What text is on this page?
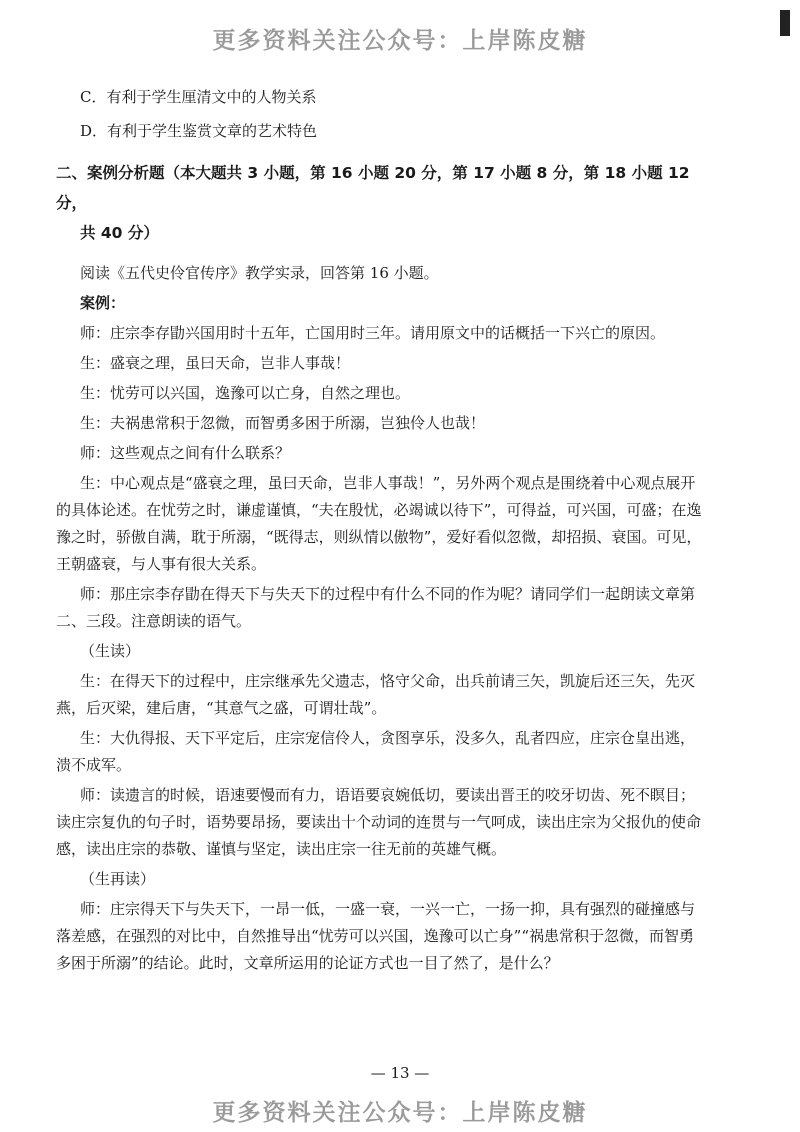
更多资料关注公众号：上岸陈皮糖

C．有利于学生厘清文中的人物关系

D．有利于学生鉴赏文章的艺术特色

二、案例分析题（本大题共 3 小题，第 16 小题 20 分，第 17 小题 8 分，第 18 小题 12 分，
共 40 分）

阅读《五代史伶官传序》教学实录，回答第 16 小题。

案例：

师：庄宗李存勖兴国用时十五年，亡国用时三年。请用原文中的话概括一下兴亡的原因。

生：盛衰之理，虽曰天命，岂非人事哉！

生：忧劳可以兴国，逸豫可以亡身，自然之理也。

生：夫祸患常积于忽微，而智勇多困于所溺，岂独伶人也哉！

师：这些观点之间有什么联系？

生：中心观点是“盛衰之理，虽曰天命，岂非人事哉！”，另外两个观点是围绕着中心观点展开的具体论述。在忧劳之时，谦虚谨慎，“夫在殷忧，必竭诚以待下”，可得益，可兴国，可盛；在逸豫之时，骄傲自满，耽于所溺，“既得志，则纵情以傲物”，爱好看似忽微，却招损、衰国。可见，王朝盛衰，与人事有很大关系。

师：那庄宗李存勖在得天下与失天下的过程中有什么不同的作为呢？请同学们一起朗读文章第二、三段。注意朗读的语气。

（生读）

生：在得天下的过程中，庄宗继承先父遗志，恪守父命，出兵前请三矢，凯旋后还三矢，先灭燕，后灭梁，建后唐，“其意气之盛，可谓壮哉”。

生：大仇得报、天下平定后，庄宗宠信伶人，贪图享乐，没多久，乱者四应，庄宗仓皇出逃，溃不成军。

师：读遗言的时候，语速要慢而有力，语语要哀婉低切，要读出晋王的咬牙切齿、死不瞑目；读庄宗复仇的句子时，语势要昂扬，要读出十个动词的连贯与一气呵成，读出庄宗为父报仇的使命感，读出庄宗的恭敬、谨慎与坚定，读出庄宗一往无前的英雄气概。

（生再读）

师：庄宗得天下与失天下，一昂一低，一盛一衰，一兴一亡，一扬一抑，具有强烈的碰撞感与落差感，在强烈的对比中，自然推导出“忧劳可以兴国，逸豫可以亡身”“祸患常积于忽微，而智勇多困于所溺”的结论。此时，文章所运用的论证方式也一目了然了，是什么？

— 13 —
更多资料关注公众号：上岸陈皮糖
